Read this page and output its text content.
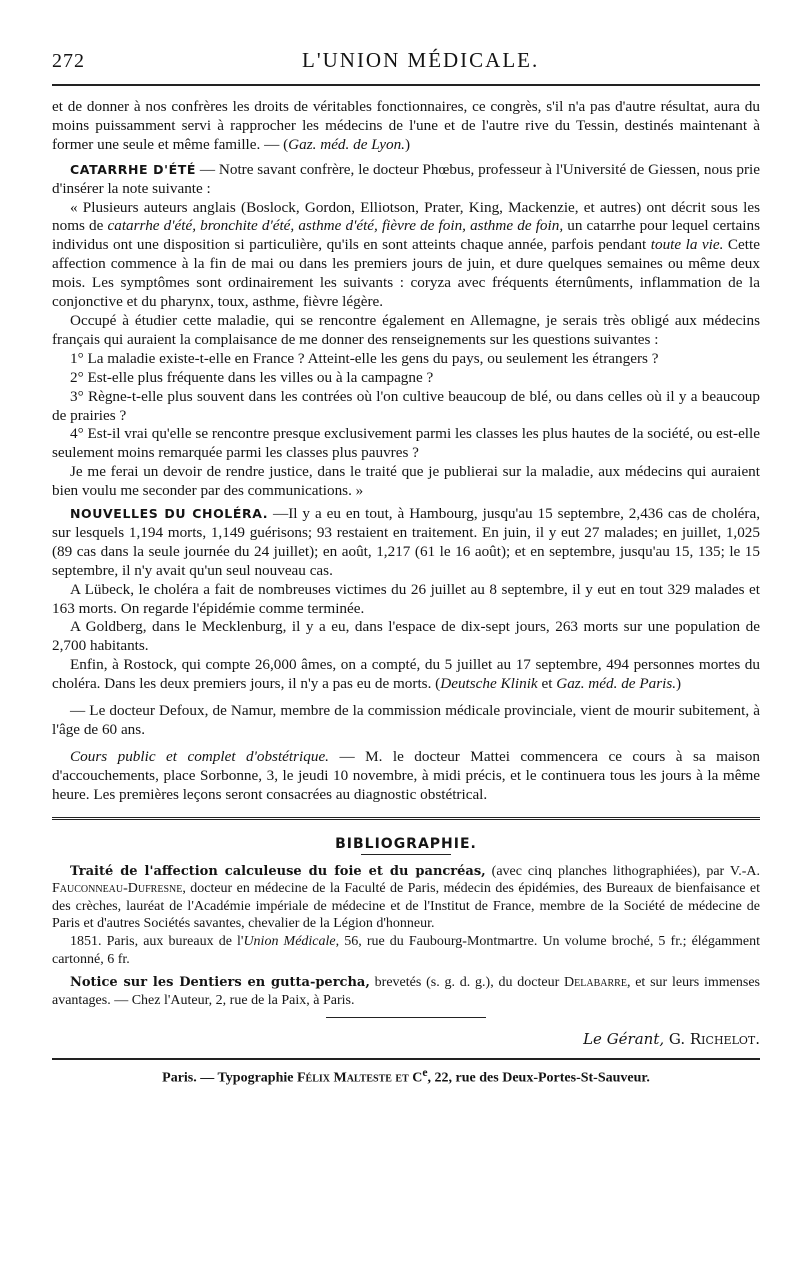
272	L'UNION MÉDICALE.

et de donner à nos confrères les droits de véritables fonctionnaires, ce congrès, s'il n'a pas d'autre résultat, aura du moins puissamment servi à rapprocher les médecins de l'une et de l'autre rive du Tessin, destinés maintenant à former une seule et même famille. — (Gaz. méd. de Lyon.)

CATARRHE D'ÉTÉ — Notre savant confrère, le docteur Phœbus, professeur à l'Université de Giessen, nous prie d'insérer la note suivante :

« Plusieurs auteurs anglais (Boslock, Gordon, Elliotson, Prater, King, Mackenzie, et autres) ont décrit sous les noms de catarrhe d'été, bronchite d'été, asthme d'été, fièvre de foin, asthme de foin, un catarrhe pour lequel certains individus ont une disposition si particulière, qu'ils en sont atteints chaque année, parfois pendant toute la vie. Cette affection commence à la fin de mai ou dans les premiers jours de juin, et dure quelques semaines ou même deux mois. Les symptômes sont ordinairement les suivants : coryza avec fréquents éternûments, inflammation de la conjonctive et du pharynx, toux, asthme, fièvre légère.

Occupé à étudier cette maladie, qui se rencontre également en Allemagne, je serais très obligé aux médecins français qui auraient la complaisance de me donner des renseignements sur les questions suivantes :

1° La maladie existe-t-elle en France ? Atteint-elle les gens du pays, ou seulement les étrangers ?

2° Est-elle plus fréquente dans les villes ou à la campagne ?

3° Règne-t-elle plus souvent dans les contrées où l'on cultive beaucoup de blé, ou dans celles où il y a beaucoup de prairies ?

4° Est-il vrai qu'elle se rencontre presque exclusivement parmi les classes les plus hautes de la société, ou est-elle seulement moins remarquée parmi les classes plus pauvres ?

Je me ferai un devoir de rendre justice, dans le traité que je publierai sur la maladie, aux médecins qui auraient bien voulu me seconder par des communications. »

NOUVELLES DU CHOLÉRA. —Il y a eu en tout, à Hambourg, jusqu'au 15 septembre, 2,436 cas de choléra, sur lesquels 1,194 morts, 1,149 guérisons; 93 restaient en traitement. En juin, il y eut 27 malades; en juillet, 1,025 (89 cas dans la seule journée du 24 juillet); en août, 1,217 (61 le 16 août); et en septembre, jusqu'au 15, 135; le 15 septembre, il n'y avait qu'un seul nouveau cas.

A Lübeck, le choléra a fait de nombreuses victimes du 26 juillet au 8 septembre, il y eut en tout 329 malades et 163 morts. On regarde l'épidémie comme terminée.

A Goldberg, dans le Mecklenburg, il y a eu, dans l'espace de dix-sept jours, 263 morts sur une population de 2,700 habitants.

Enfin, à Rostock, qui compte 26,000 âmes, on a compté, du 5 juillet au 17 septembre, 494 personnes mortes du choléra. Dans les deux premiers jours, il n'y a pas eu de morts. (Deutsche Klinik et Gaz. méd. de Paris.)

— Le docteur Defoux, de Namur, membre de la commission médicale provinciale, vient de mourir subitement, à l'âge de 60 ans.

Cours public et complet d'obstétrique. — M. le docteur Mattei commencera ce cours à sa maison d'accouchements, place Sorbonne, 3, le jeudi 10 novembre, à midi précis, et le continuera tous les jours à la même heure. Les premières leçons seront consacrées au diagnostic obstétrical.

BIBLIOGRAPHIE.

Traité de l'affection calculeuse du foie et du pancréas, (avec cinq planches lithographiées), par V.-A. Fauconneau-Dufresne, docteur en médecine de la Faculté de Paris, médecin des épidémies, des Bureaux de bienfaisance et des crèches, lauréat de l'Académie impériale de médecine et de l'Institut de France, membre de la Société de médecine de Paris et d'autres Sociétés savantes, chevalier de la Légion d'honneur.

1851. Paris, aux bureaux de l'Union Médicale, 56, rue du Faubourg-Montmartre. Un volume broché, 5 fr.; élégamment cartonné, 6 fr.

Notice sur les Dentiers en gutta-percha, brevetés (s. g. d. g.), du docteur Delabarre, et sur leurs immenses avantages. — Chez l'Auteur, 2, rue de la Paix, à Paris.

Le Gérant, G. Richelot.
Paris. — Typographie Félix Malteste et Ce, 22, rue des Deux-Portes-St-Sauveur.
